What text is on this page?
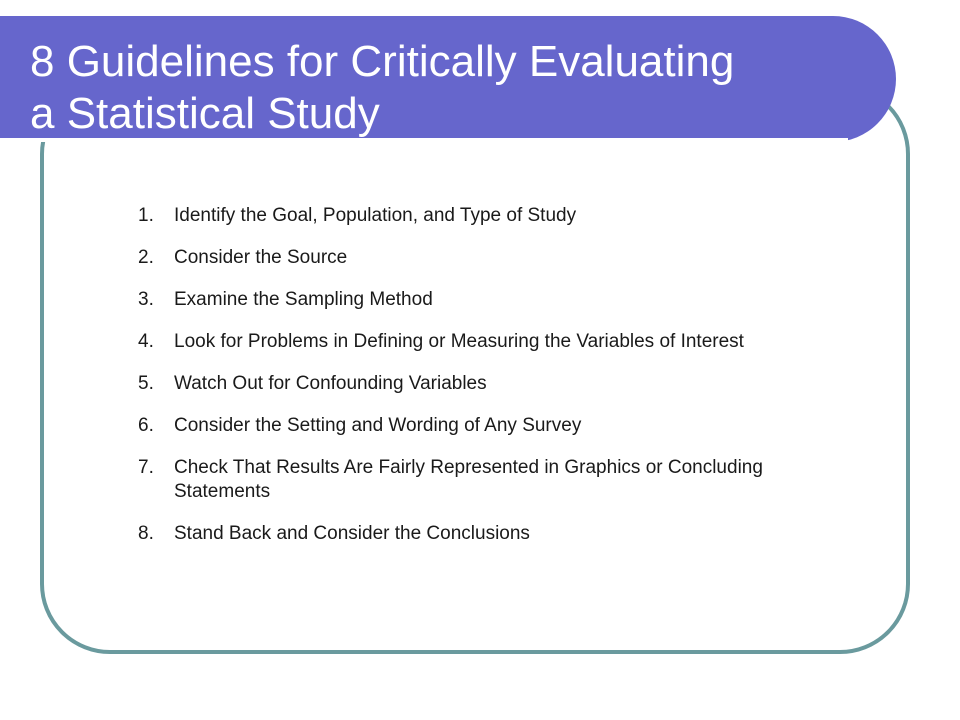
8 Guidelines for Critically Evaluating
a Statistical Study
1. Identify the Goal, Population, and Type of Study
2. Consider the Source
3. Examine the Sampling Method
4. Look for Problems in Defining or Measuring the Variables of Interest
5. Watch Out for Confounding Variables
6. Consider the Setting and Wording of Any Survey
7. Check That Results Are Fairly Represented in Graphics or Concluding Statements
8. Stand Back and Consider the Conclusions
